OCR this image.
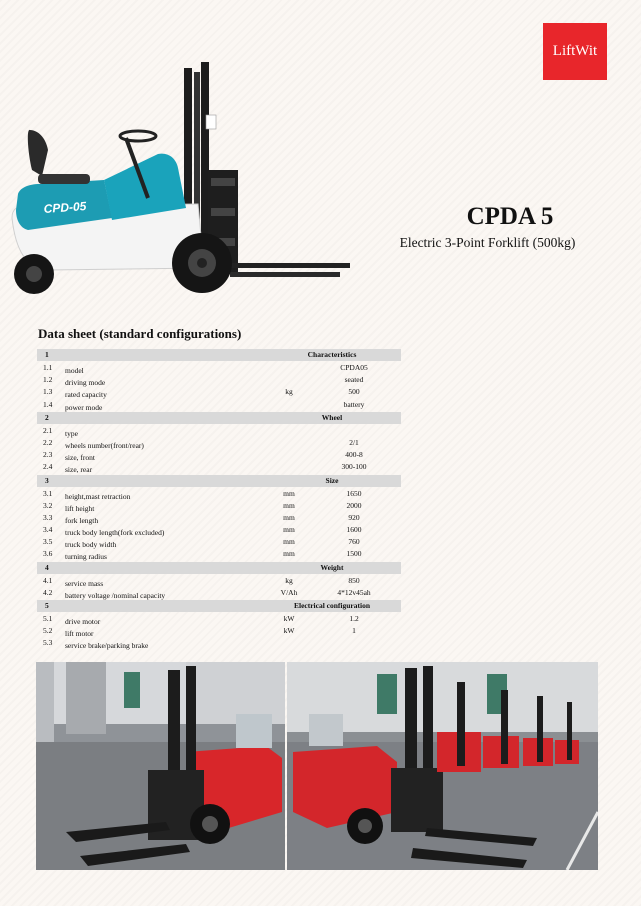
LiftWit
CPD-05	CPDA 5

Electric 3-Point Forklift (500kg)

Data sheet (standard configurations)
1	Characteristics
1.1 model	CPDA05
1.2 driving mode	seated
1.3 rated capacity	kg	500
1.4 power mode	battery
2	Wheel
2.1 type
2.2 wheels number(front/rear)	2/1
2.3 size, front	400-8
2.4 size, rear	300-100
3	Size
3.1 height,mast retraction	mm	1650
3.2 lift height	mm	2000
3.3 fork length	mm	920
3.4 truck body length(fork excluded)	mm	1600
3.5 truck body width	mm	760
3.6 turning radius	mm	1500
4	Weight
4.1 service mass	kg	850
4.2 battery voltage /nominal capacity	V/Ah	4*12v45ah
5	Electrical configuration
5.1 drive motor	kW	1.2
5.2 lift motor	kW	1
5.3 service brake/parking brake
